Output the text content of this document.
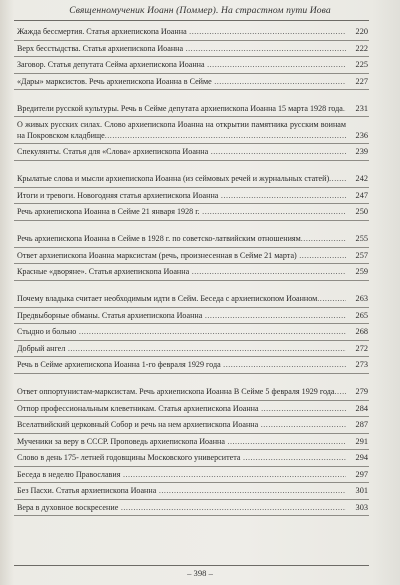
Священномученик Иоанн (Поммер). На страстном пути Иова
Жажда бессмертия. Статья архиепископа Иоанна .....	220
Верх бесстыдства. Статья архиепископа Иоанна .....	222
Заговор. Статья депутата Сейма архиепископа Иоанна .....	225
«Дары» марксистов. Речь архиепископа Иоанна в Сейме .....	227
Вредители русской культуры. Речь в Сейме депутата архиепископа Иоанна 15 марта 1928 года .....	231
О живых русских силах. Слово архиепископа Иоанна на открытии памятника русским воинам на Покровском кладбище .....	236
Спекулянты. Статья для «Слова» архиепископа Иоанна .....	239
Крылатые слова и мысли архиепископа Иоанна (из сеймовых речей и журнальных статей) .....	242
Итоги и тревоги. Новогодняя статья архиепископа Иоанна .....	247
Речь архиепископа Иоанна в Сейме 21 января 1928 г. .....	250
Речь архиепископа Иоанна в Сейме в 1928 г. по советско-латвийским отношениям .....	255
Ответ архиепископа Иоанна марксистам (речь, произнесенная в Сейме 21 марта) .....	257
Красные «дворяне». Статья архиепископа Иоанна .....	259
Почему владыка считает необходимым идти в Сейм. Беседа с архиепископом Иоанном .....	263
Предвыборные обманы. Статья архиепископа Иоанна .....	265
Стыдно и больно .....	268
Добрый ангел .....	272
Речь в Сейме архиепископа Иоанна 1-го февраля 1929 года .....	273
Ответ оппортунистам-марксистам. Речь архиепископа Иоанна В Сейме 5 февраля 1929 года .....	279
Отпор профессиональным клеветникам. Статья архиепископа Иоанна .....	284
Вселатвийский церковный Собор и речь на нем архиепископа Иоанна .....	287
Мученики за веру в СССР. Проповедь архиепископа Иоанна .....	291
Слово в день 175- летней годовщины Московского университета .....	294
Беседа в неделю Православия .....	297
Без Пасхи. Статья архиепископа Иоанна .....	301
Вера в духовное воскресение .....	303
– 398 –
